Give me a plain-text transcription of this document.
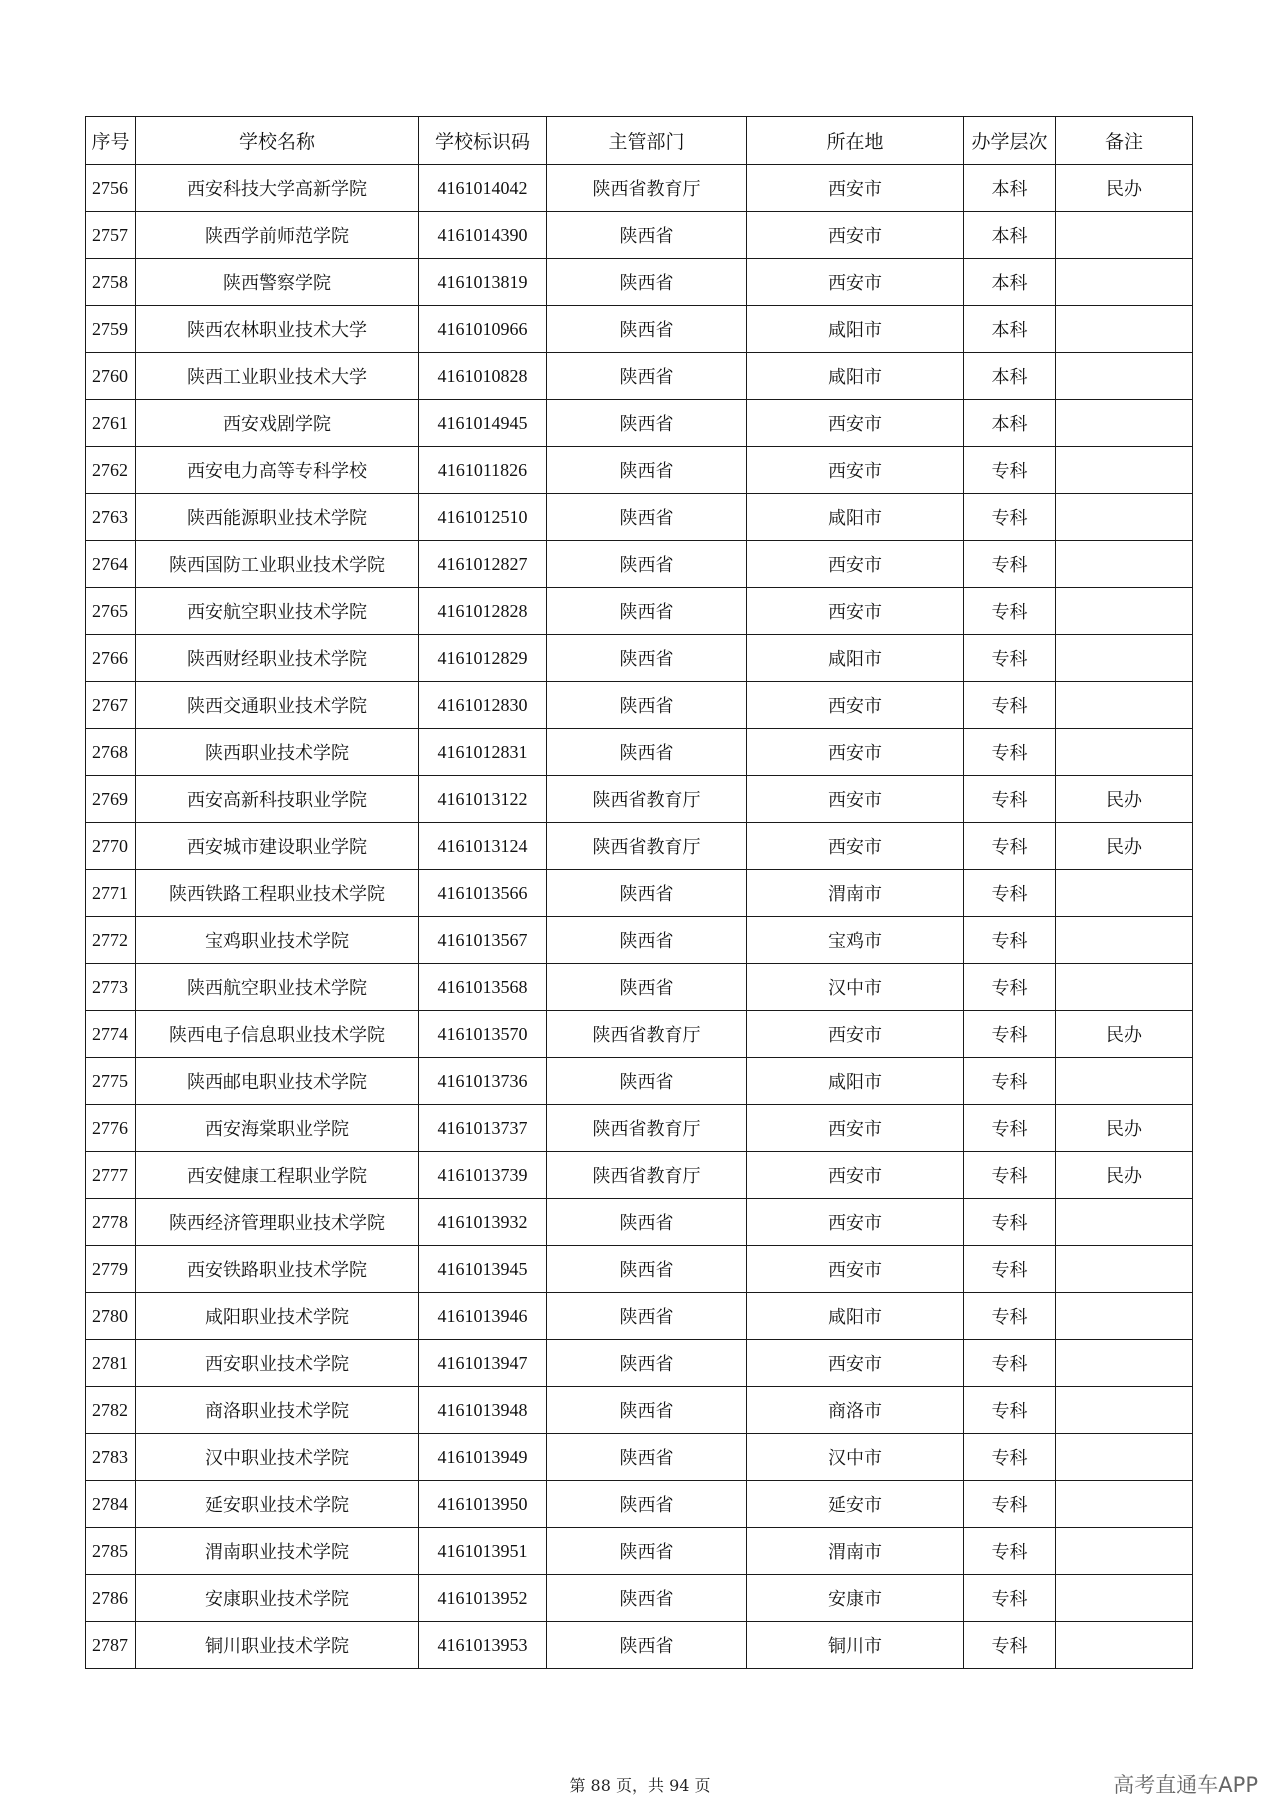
序号	学校名称	学校标识码	主管部门	所在地	办学层次	备注
2756	西安科技大学高新学院	4161014042	陕西省教育厅	西安市	本科	民办
2757	陕西学前师范学院	4161014390	陕西省	西安市	本科	
2758	陕西警察学院	4161013819	陕西省	西安市	本科	
2759	陕西农林职业技术大学	4161010966	陕西省	咸阳市	本科	
2760	陕西工业职业技术大学	4161010828	陕西省	咸阳市	本科	
2761	西安戏剧学院	4161014945	陕西省	西安市	本科	
2762	西安电力高等专科学校	4161011826	陕西省	西安市	专科	
2763	陕西能源职业技术学院	4161012510	陕西省	咸阳市	专科	
2764	陕西国防工业职业技术学院	4161012827	陕西省	西安市	专科	
2765	西安航空职业技术学院	4161012828	陕西省	西安市	专科	
2766	陕西财经职业技术学院	4161012829	陕西省	咸阳市	专科	
2767	陕西交通职业技术学院	4161012830	陕西省	西安市	专科	
2768	陕西职业技术学院	4161012831	陕西省	西安市	专科	
2769	西安高新科技职业学院	4161013122	陕西省教育厅	西安市	专科	民办
2770	西安城市建设职业学院	4161013124	陕西省教育厅	西安市	专科	民办
2771	陕西铁路工程职业技术学院	4161013566	陕西省	渭南市	专科	
2772	宝鸡职业技术学院	4161013567	陕西省	宝鸡市	专科	
2773	陕西航空职业技术学院	4161013568	陕西省	汉中市	专科	
2774	陕西电子信息职业技术学院	4161013570	陕西省教育厅	西安市	专科	民办
2775	陕西邮电职业技术学院	4161013736	陕西省	咸阳市	专科	
2776	西安海棠职业学院	4161013737	陕西省教育厅	西安市	专科	民办
2777	西安健康工程职业学院	4161013739	陕西省教育厅	西安市	专科	民办
2778	陕西经济管理职业技术学院	4161013932	陕西省	西安市	专科	
2779	西安铁路职业技术学院	4161013945	陕西省	西安市	专科	
2780	咸阳职业技术学院	4161013946	陕西省	咸阳市	专科	
2781	西安职业技术学院	4161013947	陕西省	西安市	专科	
2782	商洛职业技术学院	4161013948	陕西省	商洛市	专科	
2783	汉中职业技术学院	4161013949	陕西省	汉中市	专科	
2784	延安职业技术学院	4161013950	陕西省	延安市	专科	
2785	渭南职业技术学院	4161013951	陕西省	渭南市	专科	
2786	安康职业技术学院	4161013952	陕西省	安康市	专科	
2787	铜川职业技术学院	4161013953	陕西省	铜川市	专科	
第 88 页，共 94 页	高考直通车APP
